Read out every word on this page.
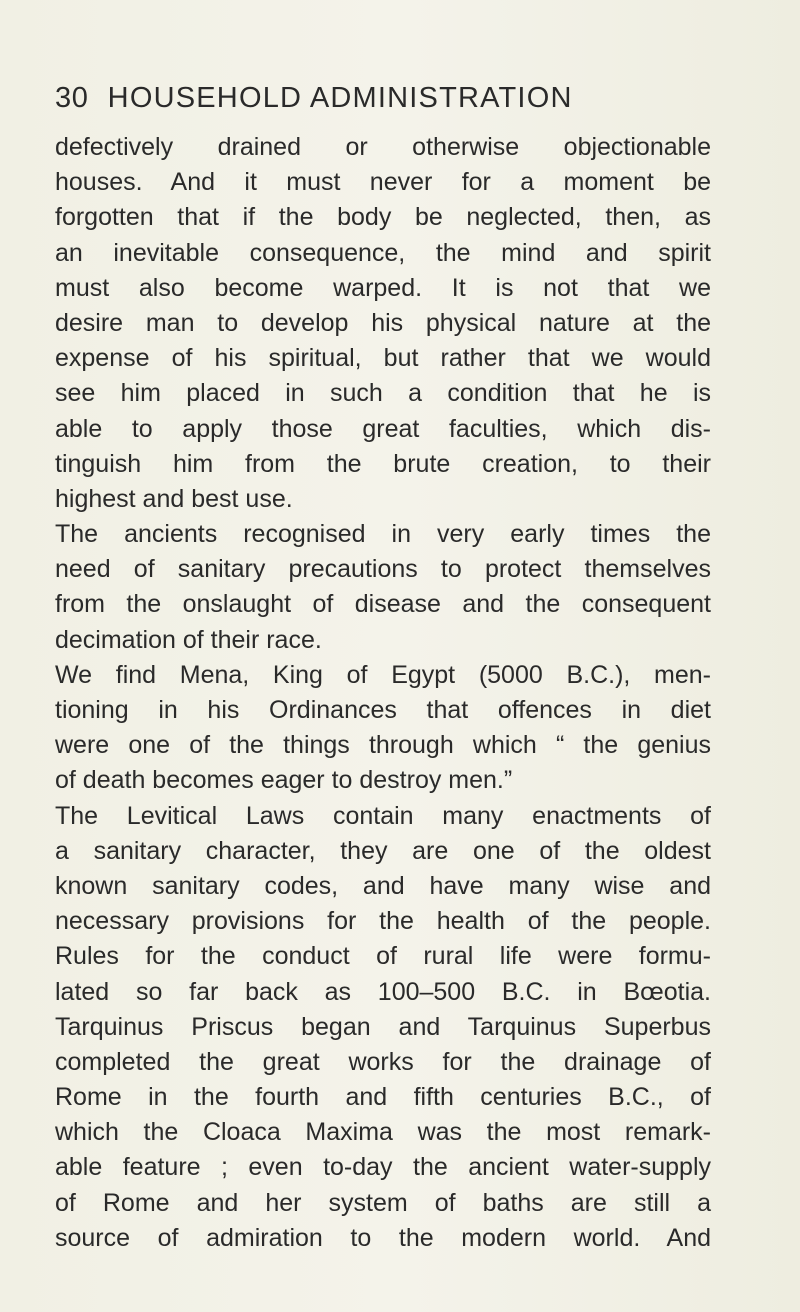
30 HOUSEHOLD ADMINISTRATION
defectively drained or otherwise objectionable
houses. And it must never for a moment be
forgotten that if the body be neglected, then, as
an inevitable consequence, the mind and spirit
must also become warped. It is not that we
desire man to develop his physical nature at the
expense of his spiritual, but rather that we would
see him placed in such a condition that he is
able to apply those great faculties, which dis-
tinguish him from the brute creation, to their
highest and best use.
The ancients recognised in very early times the
need of sanitary precautions to protect themselves
from the onslaught of disease and the consequent
decimation of their race.
We find Mena, King of Egypt (5000 B.C.), men-
tioning in his Ordinances that offences in diet
were one of the things through which “ the genius
of death becomes eager to destroy men.”
The Levitical Laws contain many enactments of
a sanitary character, they are one of the oldest
known sanitary codes, and have many wise and
necessary provisions for the health of the people.
Rules for the conduct of rural life were formu-
lated so far back as 100–500 B.C. in Bœotia.
Tarquinus Priscus began and Tarquinus Superbus
completed the great works for the drainage of
Rome in the fourth and fifth centuries B.C., of
which the Cloaca Maxima was the most remark-
able feature ; even to-day the ancient water-supply
of Rome and her system of baths are still a
source of admiration to the modern world. And
